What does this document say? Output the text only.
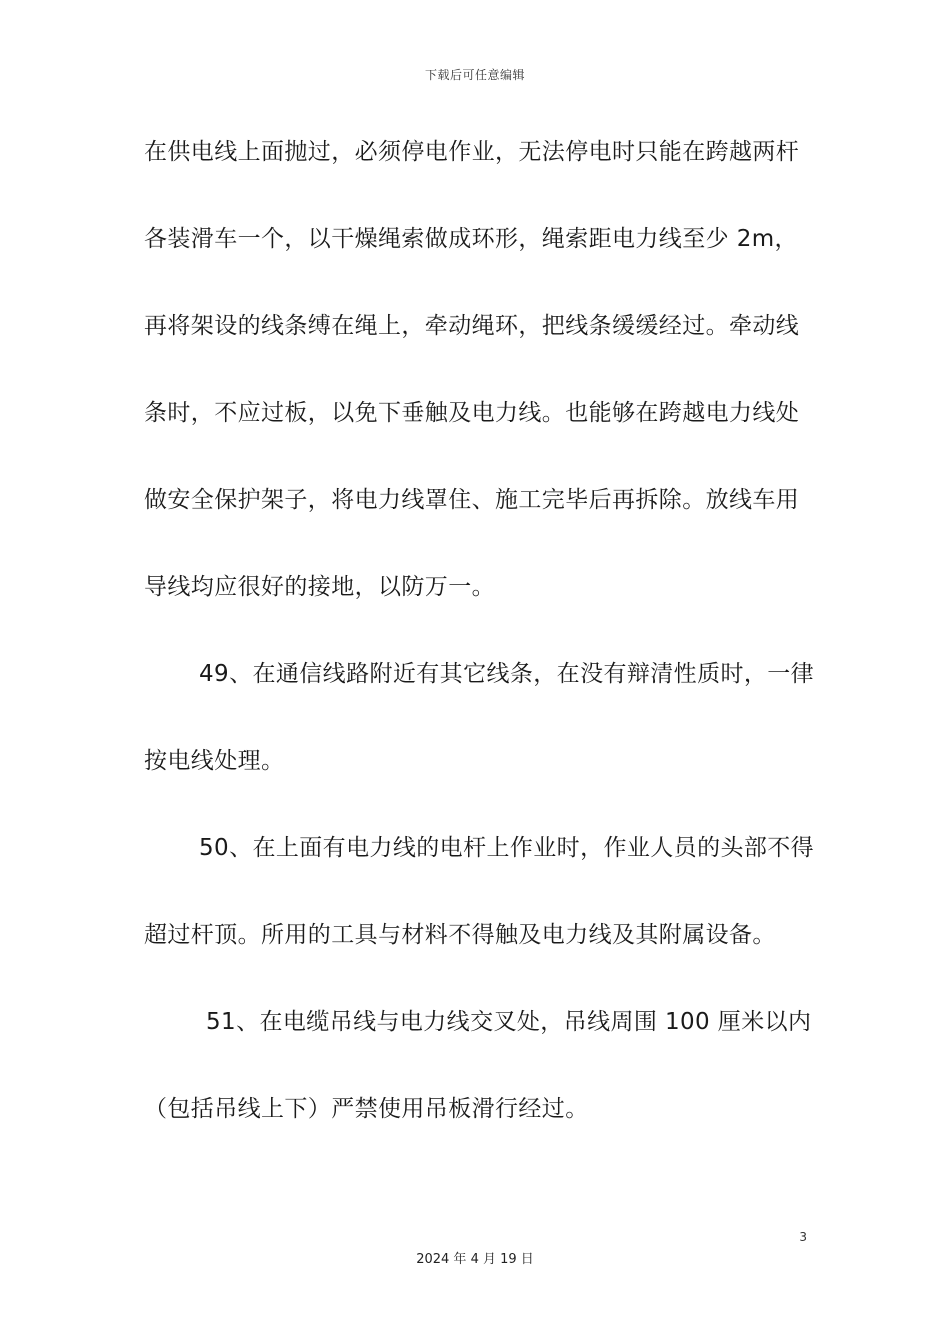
下载后可任意编辑
在供电线上面抛过，必须停电作业，无法停电时只能在跨越两杆
各装滑车一个，以干燥绳索做成环形，绳索距电力线至少 2m，
再将架设的线条缚在绳上，牵动绳环，把线条缓缓经过。牵动线
条时，不应过板，以免下垂触及电力线。也能够在跨越电力线处
做安全保护架子，将电力线罩住、施工完毕后再拆除。放线车用
导线均应很好的接地，以防万一。
49、在通信线路附近有其它线条，在没有辩清性质时，一律
按电线处理。
50、在上面有电力线的电杆上作业时，作业人员的头部不得
超过杆顶。所用的工具与材料不得触及电力线及其附属设备。
51、在电缆吊线与电力线交叉处，吊线周围 100 厘米以内
（包括吊线上下）严禁使用吊板滑行经过。
3
2024 年 4 月 19 日
